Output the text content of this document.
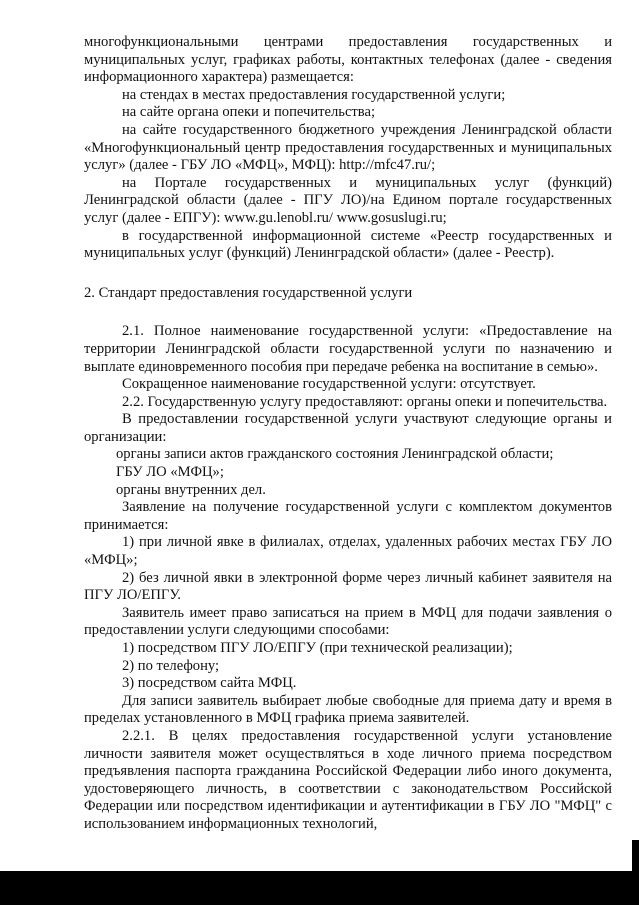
многофункциональными центрами предоставления государственных и муниципальных услуг, графиках работы, контактных телефонах (далее - сведения информационного характера) размещается:

на стендах в местах предоставления государственной услуги;

на сайте органа опеки и попечительства;

на сайте государственного бюджетного учреждения Ленинградской области «Многофункциональный центр предоставления государственных и муниципальных услуг» (далее - ГБУ ЛО «МФЦ», МФЦ): http://mfc47.ru/;

на Портале государственных и муниципальных услуг (функций) Ленинградской области (далее - ПГУ ЛО)/на Едином портале государственных услуг (далее - ЕПГУ): www.gu.lenobl.ru/ www.gosuslugi.ru;

в государственной информационной системе «Реестр государственных и муниципальных услуг (функций) Ленинградской области» (далее - Реестр).

2. Стандарт предоставления государственной услуги

2.1. Полное наименование государственной услуги: «Предоставление на территории Ленинградской области государственной услуги по назначению и выплате единовременного пособия при передаче ребенка на воспитание в семью».

Сокращенное наименование государственной услуги: отсутствует.

2.2. Государственную услугу предоставляют: органы опеки и попечительства.

В предоставлении государственной услуги участвуют следующие органы и организации:

органы записи актов гражданского состояния Ленинградской области;

ГБУ ЛО «МФЦ»;

органы внутренних дел.

Заявление на получение государственной услуги с комплектом документов принимается:

1) при личной явке в филиалах, отделах, удаленных рабочих местах ГБУ ЛО «МФЦ»;

2) без личной явки в электронной форме через личный кабинет заявителя на ПГУ ЛО/ЕПГУ.

Заявитель имеет право записаться на прием в МФЦ для подачи заявления о предоставлении услуги следующими способами:

1) посредством ПГУ ЛО/ЕПГУ (при технической реализации);

2) по телефону;

3) посредством сайта МФЦ.

Для записи заявитель выбирает любые свободные для приема дату и время в пределах установленного в МФЦ графика приема заявителей.

2.2.1. В целях предоставления государственной услуги установление личности заявителя может осуществляться в ходе личного приема посредством предъявления паспорта гражданина Российской Федерации либо иного документа, удостоверяющего личность, в соответствии с законодательством Российской Федерации или посредством идентификации и аутентификации в ГБУ ЛО "МФЦ" с использованием информационных технологий,
